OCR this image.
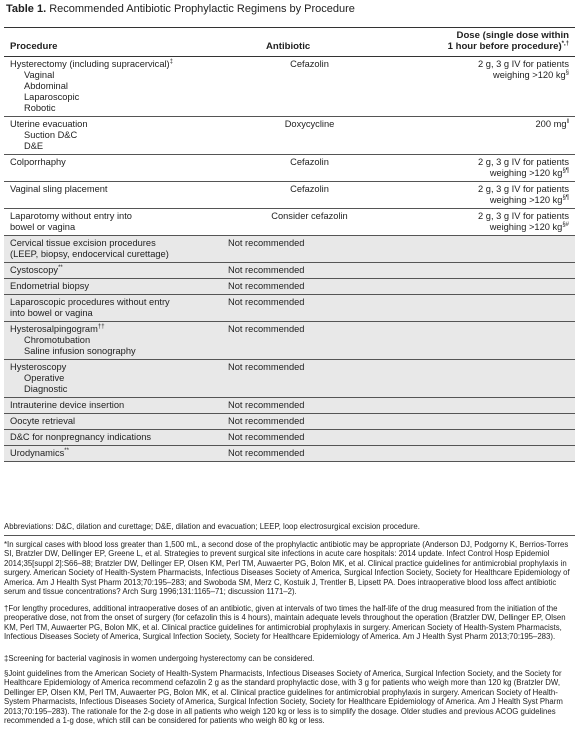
Table 1. Recommended Antibiotic Prophylactic Regimens by Procedure
Procedure	Antibiotic	Dose (single dose within
1 hour before procedure)*,†

Hysterectomy (including supracervical)‡
Vaginal
Abdominal
Laparoscopic
Robotic	Cefazolin	2 g, 3 g IV for patients
weighing >120 kg§

Uterine evacuation
Suction D&C
D&E	Doxycycline	200 mg‖

Colporrhaphy	Cefazolin	2 g, 3 g IV for patients
weighing >120 kg§¶

Vaginal sling placement	Cefazolin	2 g, 3 g IV for patients
weighing >120 kg§¶

Laparotomy without entry into
bowel or vagina	Consider cefazolin	2 g, 3 g IV for patients
weighing >120 kg§#

Cervical tissue excision procedures
(LEEP, biopsy, endocervical curettage)	Not recommended	

Cystoscopy**	Not recommended	

Endometrial biopsy	Not recommended	

Laparoscopic procedures without entry
into bowel or vagina	Not recommended	

Hysterosalpingogram††
Chromotubation
Saline infusion sonography	Not recommended	

Hysteroscopy
Operative
Diagnostic	Not recommended	

Intrauterine device insertion	Not recommended	

Oocyte retrieval	Not recommended	

D&C for nonpregnancy indications	Not recommended	

Urodynamics**	Not recommended	
Abbreviations: D&C, dilation and curettage; D&E, dilation and evacuation; LEEP, loop electrosurgical excision procedure.

*In surgical cases with blood loss greater than 1,500 mL, a second dose of the prophylactic antibiotic may be appropriate (Anderson DJ, Podgorny K, Berrios-Torres SI, Bratzler DW, Dellinger EP, Greene L, et al. Strategies to prevent surgical site infections in acute care hospitals: 2014 update. Infect Control Hosp Epidemiol 2014;35[suppl 2]:S66–88; Bratzler DW, Dellinger EP, Olsen KM, Perl TM, Auwaerter PG, Bolon MK, et al. Clinical practice guidelines for antimicrobial prophylaxis in surgery. American Society of Health-System Pharmacists, Infectious Diseases Society of America, Surgical Infection Society, Society for Healthcare Epidemiology of America. Am J Health Syst Pharm 2013;70:195–283; and Swoboda SM, Merz C, Kostuik J, Trentler B, Lipsett PA. Does intraoperative blood loss affect antibiotic serum and tissue concentrations? Arch Surg 1996;131:1165–71; discussion 1171–2).

†For lengthy procedures, additional intraoperative doses of an antibiotic, given at intervals of two times the half-life of the drug measured from the initiation of the preoperative dose, not from the onset of surgery (for cefazolin this is 4 hours), maintain adequate levels throughout the operation (Bratzler DW, Dellinger EP, Olsen KM, Perl TM, Auwaerter PG, Bolon MK, et al. Clinical practice guidelines for antimicrobial prophylaxis in surgery. American Society of Health-System Pharmacists, Infectious Diseases Society of America, Surgical Infection Society, Society for Healthcare Epidemiology of America. Am J Health Syst Pharm 2013;70:195–283).

‡Screening for bacterial vaginosis in women undergoing hysterectomy can be considered.

§Joint guidelines from the American Society of Health-System Pharmacists, Infectious Diseases Society of America, Surgical Infection Society, and the Society for Healthcare Epidemiology of America recommend cefazolin 2 g as the standard prophylactic dose, with 3 g for patients who weigh more than 120 kg (Bratzler DW, Dellinger EP, Olsen KM, Perl TM, Auwaerter PG, Bolon MK, et al. Clinical practice guidelines for antimicrobial prophylaxis in surgery. American Society of Health-System Pharmacists, Infectious Diseases Society of America, Surgical Infection Society, Society for Healthcare Epidemiology of America. Am J Health Syst Pharm 2013;70:195–283). The rationale for the 2-g dose in all patients who weigh 120 kg or less is to simplify the dosage. Older studies and previous ACOG guidelines recommended a 1-g dose, which still can be considered for patients who weigh 80 kg or less.
